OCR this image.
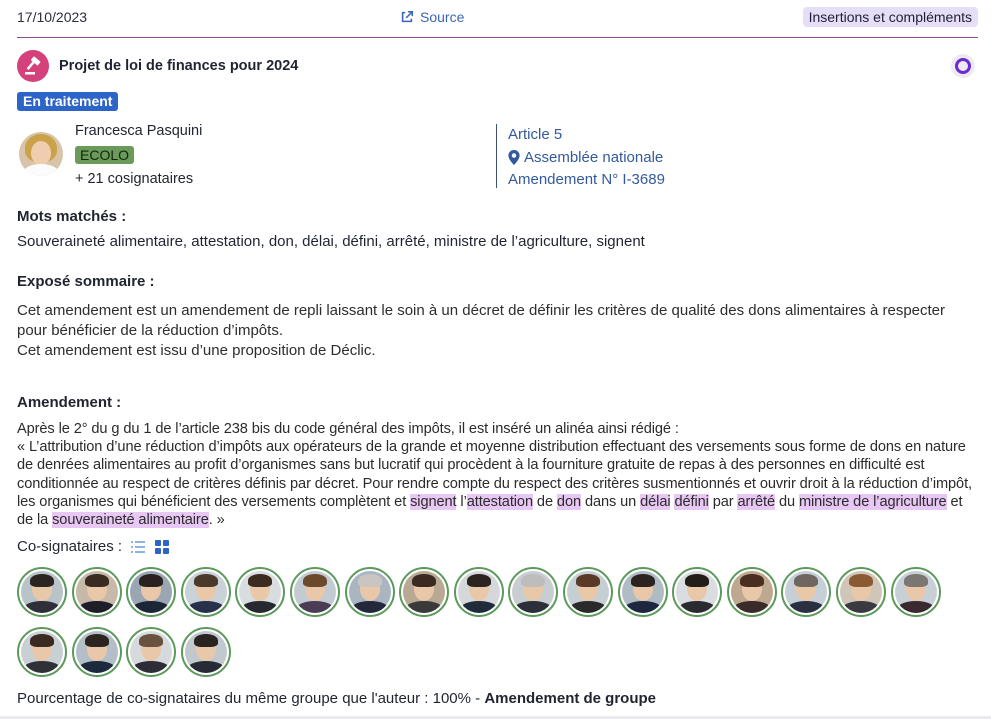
17/10/2023	Source	Insertions et compléments
Projet de loi de finances pour 2024
En traitement
Francesca Pasquini
ECOLO
+ 21 cosignataires
Article 5
Assemblée nationale
Amendement N° I-3689
Mots matchés :
Souveraineté alimentaire, attestation, don, délai, défini, arrêté, ministre de l’agriculture, signent
Exposé sommaire :
Cet amendement est un amendement de repli laissant le soin à un décret de définir les critères de qualité des dons alimentaires à respecter pour bénéficier de la réduction d’impôts.
Cet amendement est issu d’une proposition de Déclic.
Amendement :
Après le 2° du g du 1 de l’article 238 bis du code général des impôts, il est inséré un alinéa ainsi rédigé :
« L’attribution d’une réduction d’impôts aux opérateurs de la grande et moyenne distribution effectuant des versements sous forme de dons en nature de denrées alimentaires au profit d’organismes sans but lucratif qui procèdent à la fourniture gratuite de repas à des personnes en difficulté est conditionnée au respect de critères définis par décret. Pour rendre compte du respect des critères susmentionnés et ouvrir droit à la réduction d’impôt, les organismes qui bénéficient des versements complètent et signent l’attestation de don dans un délai défini par arrêté du ministre de l’agriculture et de la souveraineté alimentaire. »
Co-signataires :
Pourcentage de co-signataires du même groupe que l'auteur : 100% - Amendement de groupe
